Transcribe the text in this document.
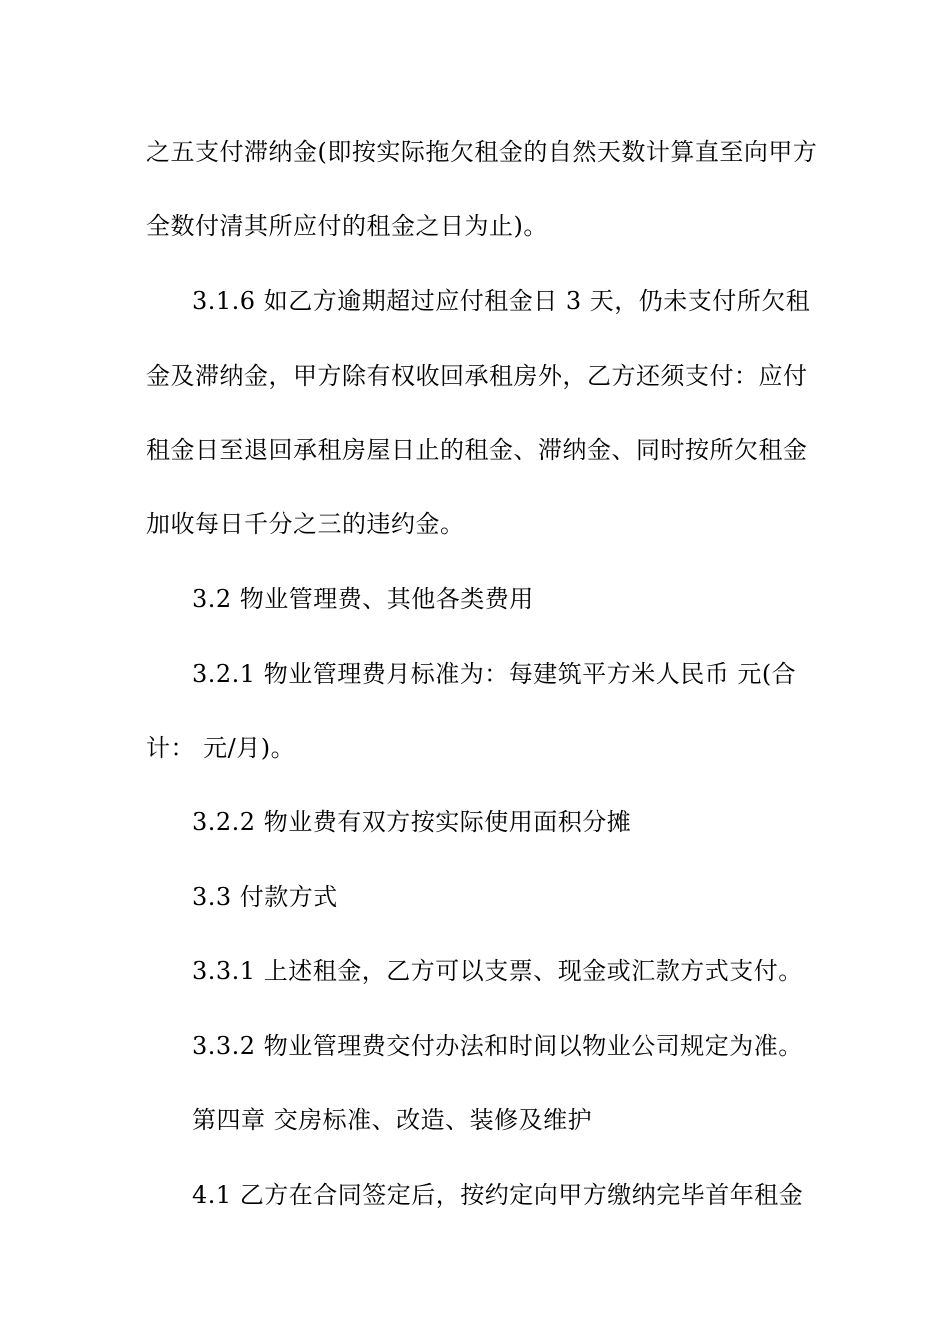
之五支付滞纳金(即按实际拖欠租金的自然天数计算直至向甲方
全数付清其所应付的租金之日为止)。
3.1.6 如乙方逾期超过应付租金日 3 天，仍未支付所欠租
金及滞纳金，甲方除有权收回承租房外，乙方还须支付：应付
租金日至退回承租房屋日止的租金、滞纳金、同时按所欠租金
加收每日千分之三的违约金。
3.2 物业管理费、其他各类费用
3.2.1 物业管理费月标准为：每建筑平方米人民币 元(合
计： 元/月)。
3.2.2 物业费有双方按实际使用面积分摊
3.3 付款方式
3.3.1 上述租金，乙方可以支票、现金或汇款方式支付。
3.3.2 物业管理费交付办法和时间以物业公司规定为准。
第四章 交房标准、改造、装修及维护
4.1 乙方在合同签定后，按约定向甲方缴纳完毕首年租金
